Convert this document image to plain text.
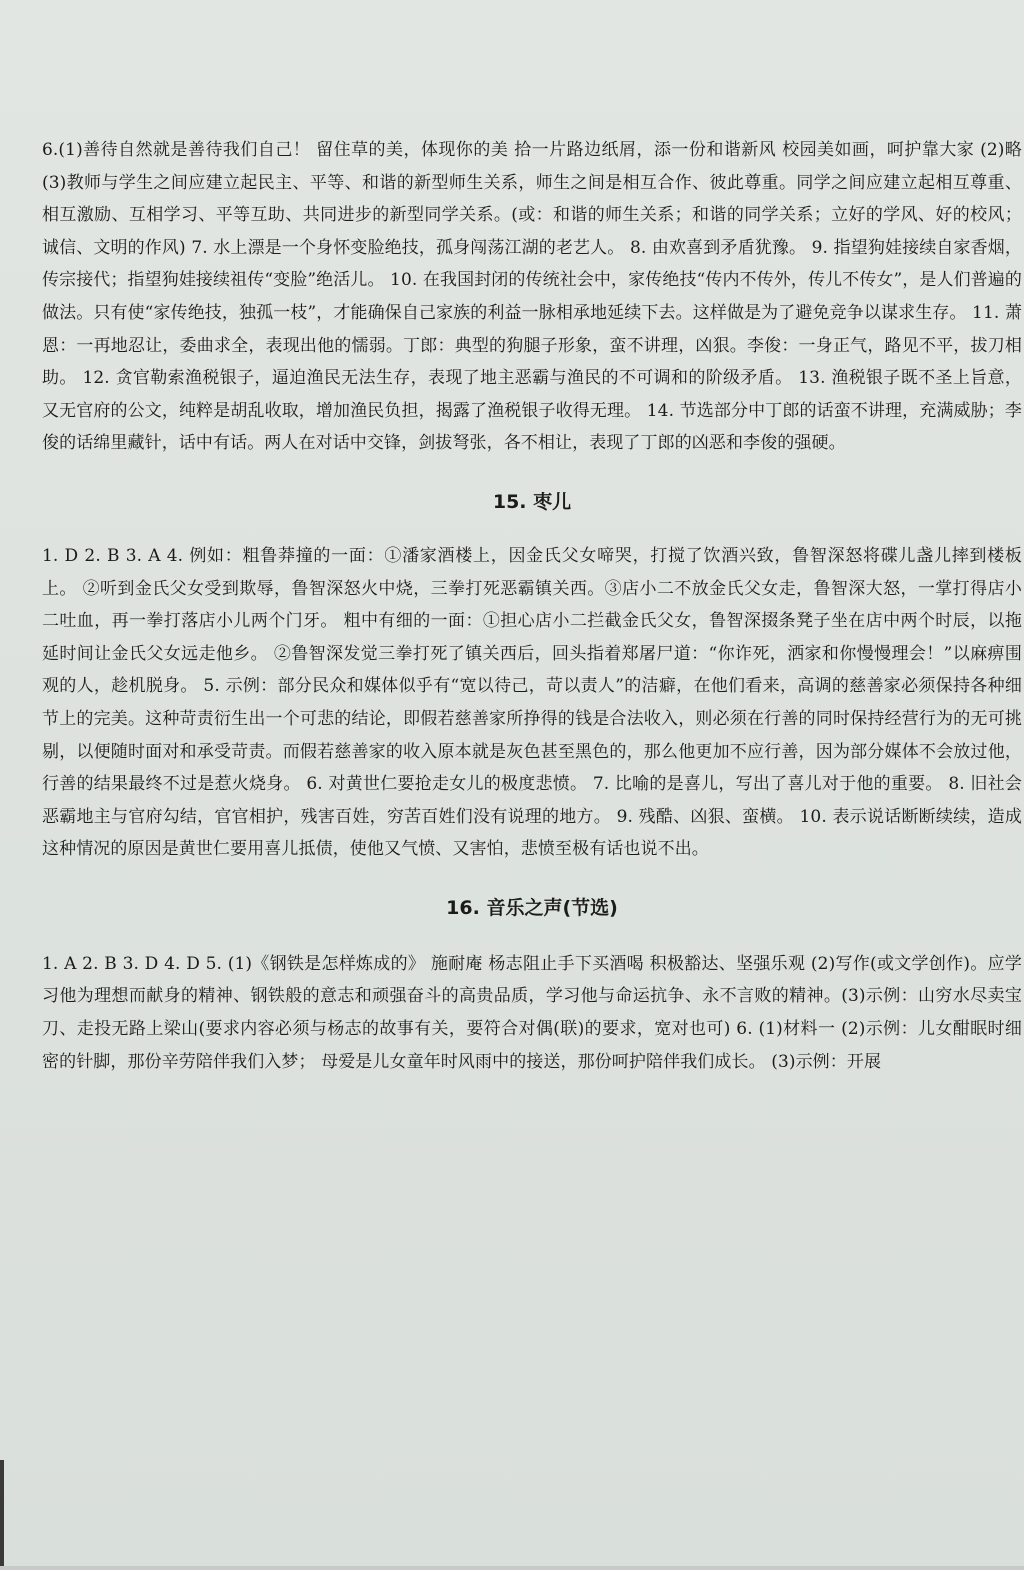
6.(1)善待自然就是善待我们自己！ 留住草的美，体现你的美 拾一片路边纸屑，添一份和谐新风 校园美如画，呵护靠大家 (2)略 (3)教师与学生之间应建立起民主、平等、和谐的新型师生关系，师生之间是相互合作、彼此尊重。同学之间应建立起相互尊重、相互激励、互相学习、平等互助、共同进步的新型同学关系。(或：和谐的师生关系；和谐的同学关系；立好的学风、好的校风；诚信、文明的作风) 7. 水上漂是一个身怀变脸绝技，孤身闯荡江湖的老艺人。 8. 由欢喜到矛盾犹豫。 9. 指望狗娃接续自家香烟，传宗接代；指望狗娃接续祖传“变脸”绝活儿。 10. 在我国封闭的传统社会中，家传绝技“传内不传外，传儿不传女”，是人们普遍的做法。只有使“家传绝技，独孤一枝”，才能确保自己家族的利益一脉相承地延续下去。这样做是为了避免竞争以谋求生存。 11. 萧恩：一再地忍让，委曲求全，表现出他的懦弱。丁郎：典型的狗腿子形象，蛮不讲理，凶狠。李俊：一身正气，路见不平，拔刀相助。 12. 贪官勒索渔税银子，逼迫渔民无法生存，表现了地主恶霸与渔民的不可调和的阶级矛盾。 13. 渔税银子既不圣上旨意，又无官府的公文，纯粹是胡乱收取，增加渔民负担，揭露了渔税银子收得无理。 14. 节选部分中丁郎的话蛮不讲理，充满威胁；李俊的话绵里藏针，话中有话。两人在对话中交锋，剑拔弩张，各不相让，表现了丁郎的凶恶和李俊的强硬。

15. 枣儿

1. D 2. B 3. A 4. 例如：粗鲁莽撞的一面：①潘家酒楼上，因金氏父女啼哭，打搅了饮酒兴致，鲁智深怒将碟儿盏儿摔到楼板上。 ②听到金氏父女受到欺辱，鲁智深怒火中烧，三拳打死恶霸镇关西。③店小二不放金氏父女走，鲁智深大怒，一掌打得店小二吐血，再一拳打落店小儿两个门牙。 粗中有细的一面：①担心店小二拦截金氏父女，鲁智深掇条凳子坐在店中两个时辰，以拖延时间让金氏父女远走他乡。 ②鲁智深发觉三拳打死了镇关西后，回头指着郑屠尸道：“你诈死，洒家和你慢慢理会！”以麻痹围观的人，趁机脱身。 5. 示例：部分民众和媒体似乎有“宽以待己，苛以责人”的洁癖，在他们看来，高调的慈善家必须保持各种细节上的完美。这种苛责衍生出一个可悲的结论，即假若慈善家所挣得的钱是合法收入，则必须在行善的同时保持经营行为的无可挑剔，以便随时面对和承受苛责。而假若慈善家的收入原本就是灰色甚至黑色的，那么他更加不应行善，因为部分媒体不会放过他，行善的结果最终不过是惹火烧身。 6. 对黄世仁要抢走女儿的极度悲愤。 7. 比喻的是喜儿，写出了喜儿对于他的重要。 8. 旧社会恶霸地主与官府勾结，官官相护，残害百姓，穷苦百姓们没有说理的地方。 9. 残酷、凶狠、蛮横。 10. 表示说话断断续续，造成这种情况的原因是黄世仁要用喜儿抵债，使他又气愤、又害怕，悲愤至极有话也说不出。

16. 音乐之声(节选)

1. A 2. B 3. D 4. D 5. (1)《钢铁是怎样炼成的》 施耐庵 杨志阻止手下买酒喝 积极豁达、坚强乐观 (2)写作(或文学创作)。应学习他为理想而献身的精神、钢铁般的意志和顽强奋斗的高贵品质，学习他与命运抗争、永不言败的精神。(3)示例：山穷水尽卖宝刀、走投无路上梁山(要求内容必须与杨志的故事有关，要符合对偶(联)的要求，宽对也可) 6. (1)材料一 (2)示例：儿女酣眠时细密的针脚，那份辛劳陪伴我们入梦； 母爱是儿女童年时风雨中的接送，那份呵护陪伴我们成长。 (3)示例：开展
